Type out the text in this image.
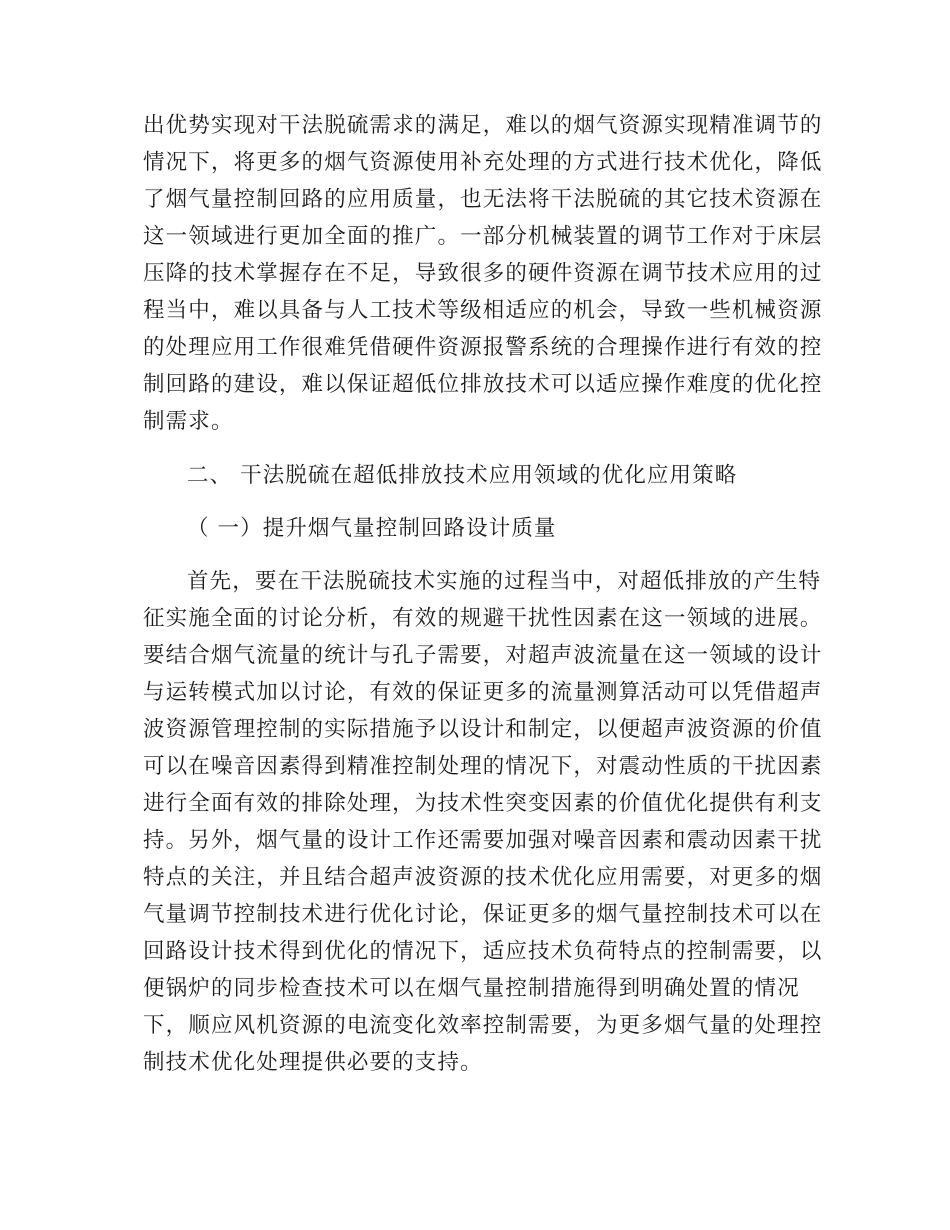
出优势实现对干法脱硫需求的满足，难以的烟气资源实现精准调节的
情况下，将更多的烟气资源使用补充处理的方式进行技术优化，降低
了烟气量控制回路的应用质量，也无法将干法脱硫的其它技术资源在
这一领域进行更加全面的推广。一部分机械装置的调节工作对于床层
压降的技术掌握存在不足，导致很多的硬件资源在调节技术应用的过
程当中，难以具备与人工技术等级相适应的机会，导致一些机械资源
的处理应用工作很难凭借硬件资源报警系统的合理操作进行有效的控
制回路的建设，难以保证超低位排放技术可以适应操作难度的优化控
制需求。
二、 干法脱硫在超低排放技术应用领域的优化应用策略
（ 一）提升烟气量控制回路设计质量
首先，要在干法脱硫技术实施的过程当中，对超低排放的产生特
征实施全面的讨论分析，有效的规避干扰性因素在这一领域的进展。
要结合烟气流量的统计与孔子需要，对超声波流量在这一领域的设计
与运转模式加以讨论，有效的保证更多的流量测算活动可以凭借超声
波资源管理控制的实际措施予以设计和制定，以便超声波资源的价值
可以在噪音因素得到精准控制处理的情况下，对震动性质的干扰因素
进行全面有效的排除处理，为技术性突变因素的价值优化提供有利支
持。另外，烟气量的设计工作还需要加强对噪音因素和震动因素干扰
特点的关注，并且结合超声波资源的技术优化应用需要，对更多的烟
气量调节控制技术进行优化讨论，保证更多的烟气量控制技术可以在
回路设计技术得到优化的情况下，适应技术负荷特点的控制需要，以
便锅炉的同步检查技术可以在烟气量控制措施得到明确处置的情况
下，顺应风机资源的电流变化效率控制需要，为更多烟气量的处理控
制技术优化处理提供必要的支持。
